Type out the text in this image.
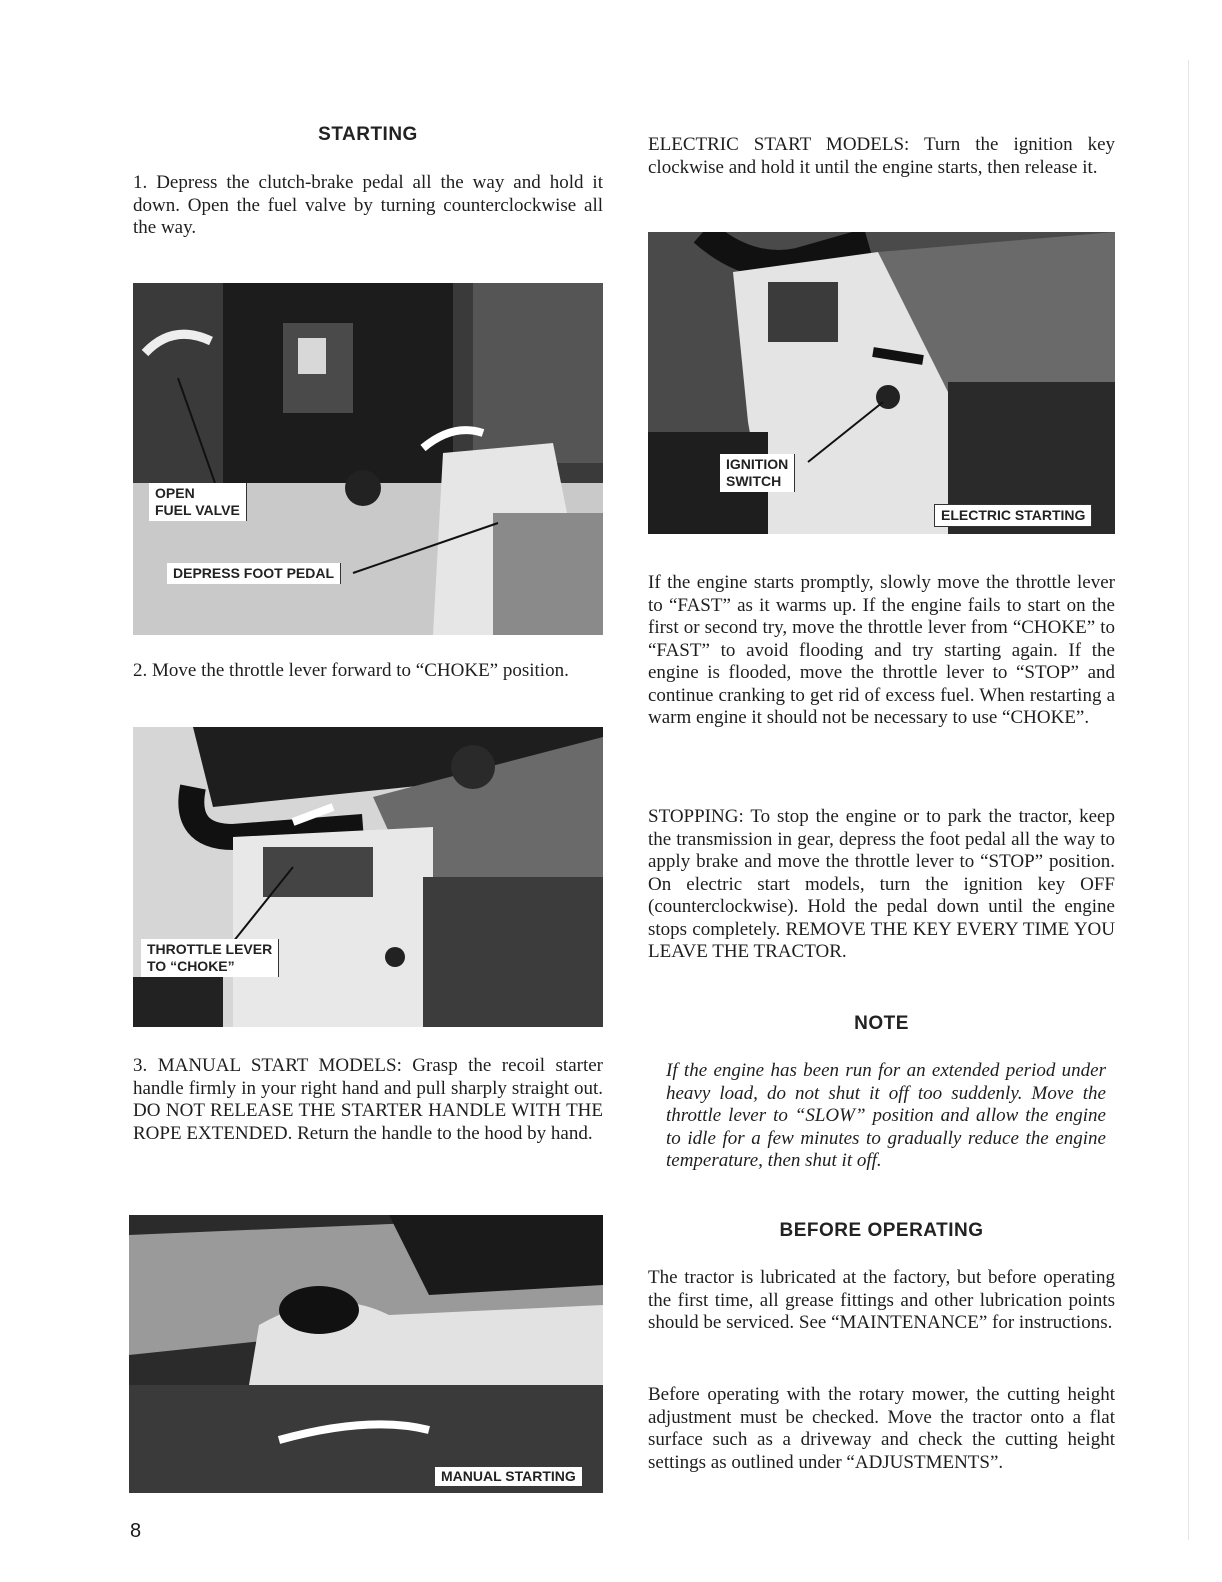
STARTING

1. Depress the clutch-brake pedal all the way and hold it down. Open the fuel valve by turning counterclockwise all the way.

OPEN
FUEL VALVE
DEPRESS FOOT PEDAL

2. Move the throttle lever forward to “CHOKE” position.

THROTTLE LEVER
TO “CHOKE”

3. MANUAL START MODELS: Grasp the recoil starter handle firmly in your right hand and pull sharply straight out. DO NOT RELEASE THE STARTER HANDLE WITH THE ROPE EXTENDED. Return the handle to the hood by hand.

MANUAL STARTING

ELECTRIC START MODELS: Turn the ignition key clockwise and hold it until the engine starts, then release it.

IGNITION
SWITCH
ELECTRIC STARTING

If the engine starts promptly, slowly move the throttle lever to “FAST” as it warms up. If the engine fails to start on the first or second try, move the throttle lever from “CHOKE” to “FAST” to avoid flooding and try starting again. If the engine is flooded, move the throttle lever to “STOP” and continue cranking to get rid of excess fuel. When restarting a warm engine it should not be necessary to use “CHOKE”.

STOPPING: To stop the engine or to park the tractor, keep the transmission in gear, depress the foot pedal all the way to apply brake and move the throttle lever to “STOP” position. On electric start models, turn the ignition key OFF (counterclockwise). Hold the pedal down until the engine stops completely. REMOVE THE KEY EVERY TIME YOU LEAVE THE TRACTOR.

NOTE

If the engine has been run for an extended period under heavy load, do not shut it off too suddenly. Move the throttle lever to “SLOW” position and allow the engine to idle for a few minutes to gradually reduce the engine temperature, then shut it off.

BEFORE OPERATING

The tractor is lubricated at the factory, but before operating the first time, all grease fittings and other lubrication points should be serviced. See “MAINTENANCE” for instructions.

Before operating with the rotary mower, the cutting height adjustment must be checked. Move the tractor onto a flat surface such as a driveway and check the cutting height settings as outlined under “ADJUSTMENTS”.

8
